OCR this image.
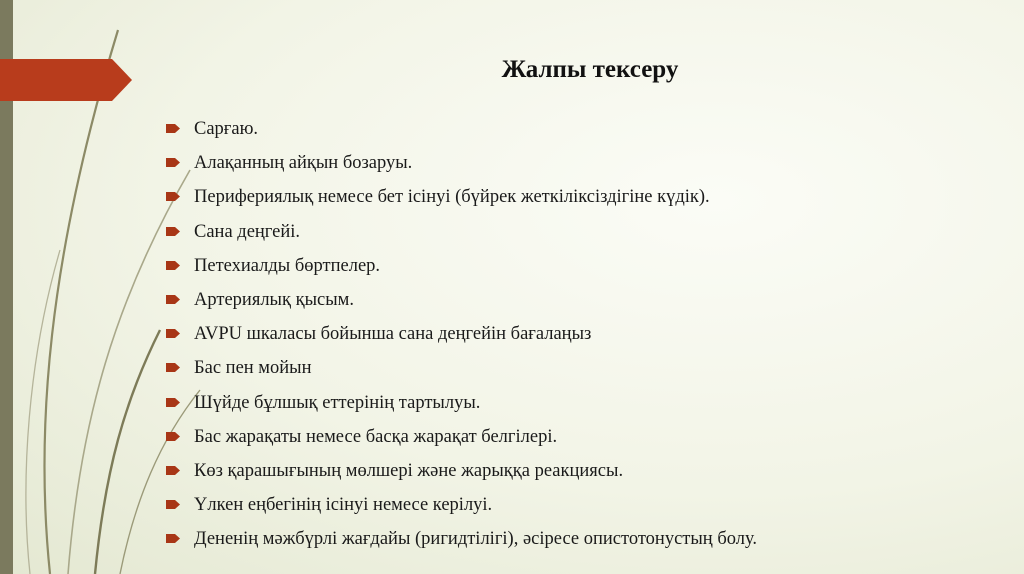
Жалпы тексеру
Сарғаю.
Алақанның айқын бозаруы.
Перифериялық немесе бет ісінуі (бүйрек жеткіліксіздігіне күдік).
Сана деңгейі.
Петехиалды бөртпелер.
Артериялық қысым.
AVPU шкаласы бойынша сана деңгейін бағалаңыз
Бас пен мойын
Шүйде бұлшық еттерінің тартылуы.
Бас жарақаты немесе басқа жарақат белгілері.
Көз қарашығының мөлшері және жарыққа реакциясы.
Үлкен еңбегінің ісінуі немесе керілуі.
Дененің мәжбүрлі жағдайы (ригидтілігі), әсіресе опистотонустың болу.
